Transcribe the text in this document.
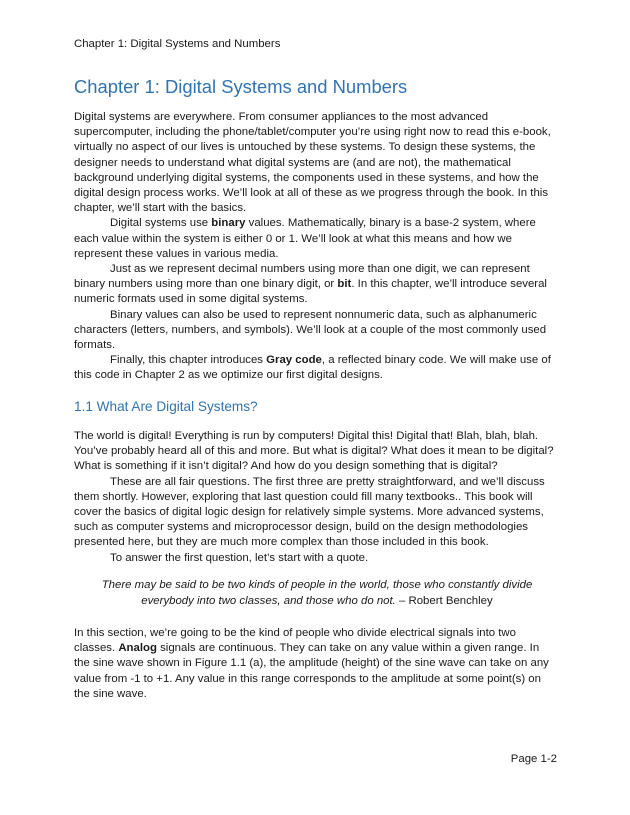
Chapter 1: Digital Systems and Numbers
Chapter 1: Digital Systems and Numbers

Digital systems are everywhere. From consumer appliances to the most advanced supercomputer, including the phone/tablet/computer you’re using right now to read this e-book, virtually no aspect of our lives is untouched by these systems. To design these systems, the designer needs to understand what digital systems are (and are not), the mathematical background underlying digital systems, the components used in these systems, and how the digital design process works. We’ll look at all of these as we progress through the book. In this chapter, we’ll start with the basics.

Digital systems use binary values. Mathematically, binary is a base-2 system, where each value within the system is either 0 or 1. We’ll look at what this means and how we represent these values in various media.

Just as we represent decimal numbers using more than one digit, we can represent binary numbers using more than one binary digit, or bit. In this chapter, we’ll introduce several numeric formats used in some digital systems.

Binary values can also be used to represent nonnumeric data, such as alphanumeric characters (letters, numbers, and symbols). We’ll look at a couple of the most commonly used formats.

Finally, this chapter introduces Gray code, a reflected binary code. We will make use of this code in Chapter 2 as we optimize our first digital designs.

1.1 What Are Digital Systems?

The world is digital! Everything is run by computers! Digital this! Digital that! Blah, blah, blah. You’ve probably heard all of this and more. But what is digital? What does it mean to be digital? What is something if it isn’t digital? And how do you design something that is digital?

These are all fair questions. The first three are pretty straightforward, and we’ll discuss them shortly. However, exploring that last question could fill many textbooks.. This book will cover the basics of digital logic design for relatively simple systems. More advanced systems, such as computer systems and microprocessor design, build on the design methodologies presented here, but they are much more complex than those included in this book.

To answer the first question, let’s start with a quote.

There may be said to be two kinds of people in the world, those who constantly divide everybody into two classes, and those who do not. – Robert Benchley

In this section, we’re going to be the kind of people who divide electrical signals into two classes. Analog signals are continuous. They can take on any value within a given range. In the sine wave shown in Figure 1.1 (a), the amplitude (height) of the sine wave can take on any value from -1 to +1. Any value in this range corresponds to the amplitude at some point(s) on the sine wave.

Page 1-2
